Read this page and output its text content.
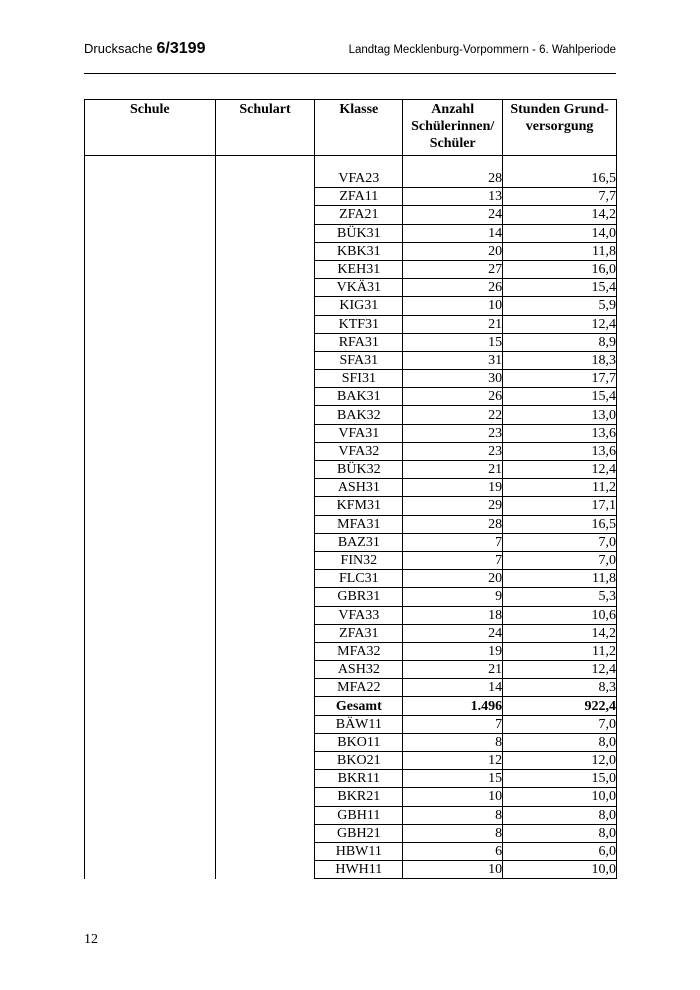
Drucksache 6/3199	Landtag Mecklenburg-Vorpommern - 6. Wahlperiode
Schule	Schulart	Klasse	Anzahl Schülerinnen/ Schüler	Stunden Grund-versorgung

		VFA23	28	16,5
		ZFA11	13	7,7
		ZFA21	24	14,2
		BÜK31	14	14,0
		KBK31	20	11,8
		KEH31	27	16,0
		VKÄ31	26	15,4
		KIG31	10	5,9
		KTF31	21	12,4
		RFA31	15	8,9
		SFA31	31	18,3
		SFI31	30	17,7
		BAK31	26	15,4
		BAK32	22	13,0
		VFA31	23	13,6
		VFA32	23	13,6
		BÜK32	21	12,4
		ASH31	19	11,2
		KFM31	29	17,1
		MFA31	28	16,5
		BAZ31	7	7,0
		FIN32	7	7,0
		FLC31	20	11,8
		GBR31	9	5,3
		VFA33	18	10,6
		ZFA31	24	14,2
		MFA32	19	11,2
		ASH32	21	12,4
		MFA22	14	8,3
		Gesamt	1.496	922,4
		BÄW11	7	7,0
		BKO11	8	8,0
		BKO21	12	12,0
		BKR11	15	15,0
		BKR21	10	10,0
		GBH11	8	8,0
		GBH21	8	8,0
		HBW11	6	6,0
		HWH11	10	10,0
12
